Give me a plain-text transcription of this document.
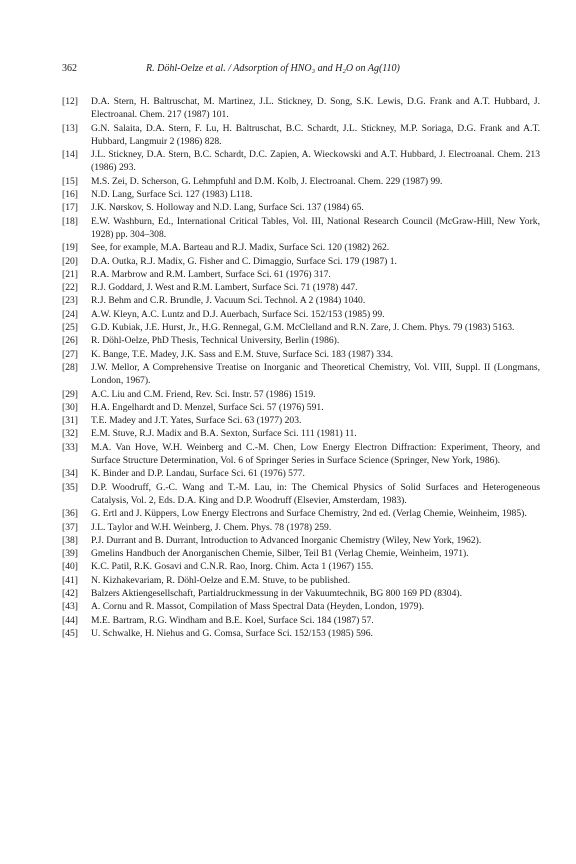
362	R. Döhl-Oelze et al. / Adsorption of HNO₃ and H₂O on Ag(110)
[12] D.A. Stern, H. Baltruschat, M. Martinez, J.L. Stickney, D. Song, S.K. Lewis, D.G. Frank and A.T. Hubbard, J. Electroanal. Chem. 217 (1987) 101.
[13] G.N. Salaita, D.A. Stern, F. Lu, H. Baltruschat, B.C. Schardt, J.L. Stickney, M.P. Soriaga, D.G. Frank and A.T. Hubbard, Langmuir 2 (1986) 828.
[14] J.L. Stickney, D.A. Stern, B.C. Schardt, D.C. Zapien, A. Wieckowski and A.T. Hubbard, J. Electroanal. Chem. 213 (1986) 293.
[15] M.S. Zei, D. Scherson, G. Lehmpfuhl and D.M. Kolb, J. Electroanal. Chem. 229 (1987) 99.
[16] N.D. Lang, Surface Sci. 127 (1983) L118.
[17] J.K. Nørskov, S. Holloway and N.D. Lang, Surface Sci. 137 (1984) 65.
[18] E.W. Washburn, Ed., International Critical Tables, Vol. III, National Research Council (McGraw-Hill, New York, 1928) pp. 304–308.
[19] See, for example, M.A. Barteau and R.J. Madix, Surface Sci. 120 (1982) 262.
[20] D.A. Outka, R.J. Madix, G. Fisher and C. Dimaggio, Surface Sci. 179 (1987) 1.
[21] R.A. Marbrow and R.M. Lambert, Surface Sci. 61 (1976) 317.
[22] R.J. Goddard, J. West and R.M. Lambert, Surface Sci. 71 (1978) 447.
[23] R.J. Behm and C.R. Brundle, J. Vacuum Sci. Technol. A 2 (1984) 1040.
[24] A.W. Kleyn, A.C. Luntz and D.J. Auerbach, Surface Sci. 152/153 (1985) 99.
[25] G.D. Kubiak, J.E. Hurst, Jr., H.G. Rennegal, G.M. McClelland and R.N. Zare, J. Chem. Phys. 79 (1983) 5163.
[26] R. Döhl-Oelze, PhD Thesis, Technical University, Berlin (1986).
[27] K. Bange, T.E. Madey, J.K. Sass and E.M. Stuve, Surface Sci. 183 (1987) 334.
[28] J.W. Mellor, A Comprehensive Treatise on Inorganic and Theoretical Chemistry, Vol. VIII, Suppl. II (Longmans, London, 1967).
[29] A.C. Liu and C.M. Friend, Rev. Sci. Instr. 57 (1986) 1519.
[30] H.A. Engelhardt and D. Menzel, Surface Sci. 57 (1976) 591.
[31] T.E. Madey and J.T. Yates, Surface Sci. 63 (1977) 203.
[32] E.M. Stuve, R.J. Madix and B.A. Sexton, Surface Sci. 111 (1981) 11.
[33] M.A. Van Hove, W.H. Weinberg and C.-M. Chen, Low Energy Electron Diffraction: Experiment, Theory, and Surface Structure Determination, Vol. 6 of Springer Series in Surface Science (Springer, New York, 1986).
[34] K. Binder and D.P. Landau, Surface Sci. 61 (1976) 577.
[35] D.P. Woodruff, G.-C. Wang and T.-M. Lau, in: The Chemical Physics of Solid Surfaces and Heterogeneous Catalysis, Vol. 2, Eds. D.A. King and D.P. Woodruff (Elsevier, Amsterdam, 1983).
[36] G. Ertl and J. Küppers, Low Energy Electrons and Surface Chemistry, 2nd ed. (Verlag Chemie, Weinheim, 1985).
[37] J.L. Taylor and W.H. Weinberg, J. Chem. Phys. 78 (1978) 259.
[38] P.J. Durrant and B. Durrant, Introduction to Advanced Inorganic Chemistry (Wiley, New York, 1962).
[39] Gmelins Handbuch der Anorganischen Chemie, Silber, Teil B1 (Verlag Chemie, Weinheim, 1971).
[40] K.C. Patil, R.K. Gosavi and C.N.R. Rao, Inorg. Chim. Acta 1 (1967) 155.
[41] N. Kizhakevariam, R. Döhl-Oelze and E.M. Stuve, to be published.
[42] Balzers Aktiengesellschaft, Partialdruckmessung in der Vakuumtechnik, BG 800 169 PD (8304).
[43] A. Cornu and R. Massot, Compilation of Mass Spectral Data (Heyden, London, 1979).
[44] M.E. Bartram, R.G. Windham and B.E. Koel, Surface Sci. 184 (1987) 57.
[45] U. Schwalke, H. Niehus and G. Comsa, Surface Sci. 152/153 (1985) 596.
